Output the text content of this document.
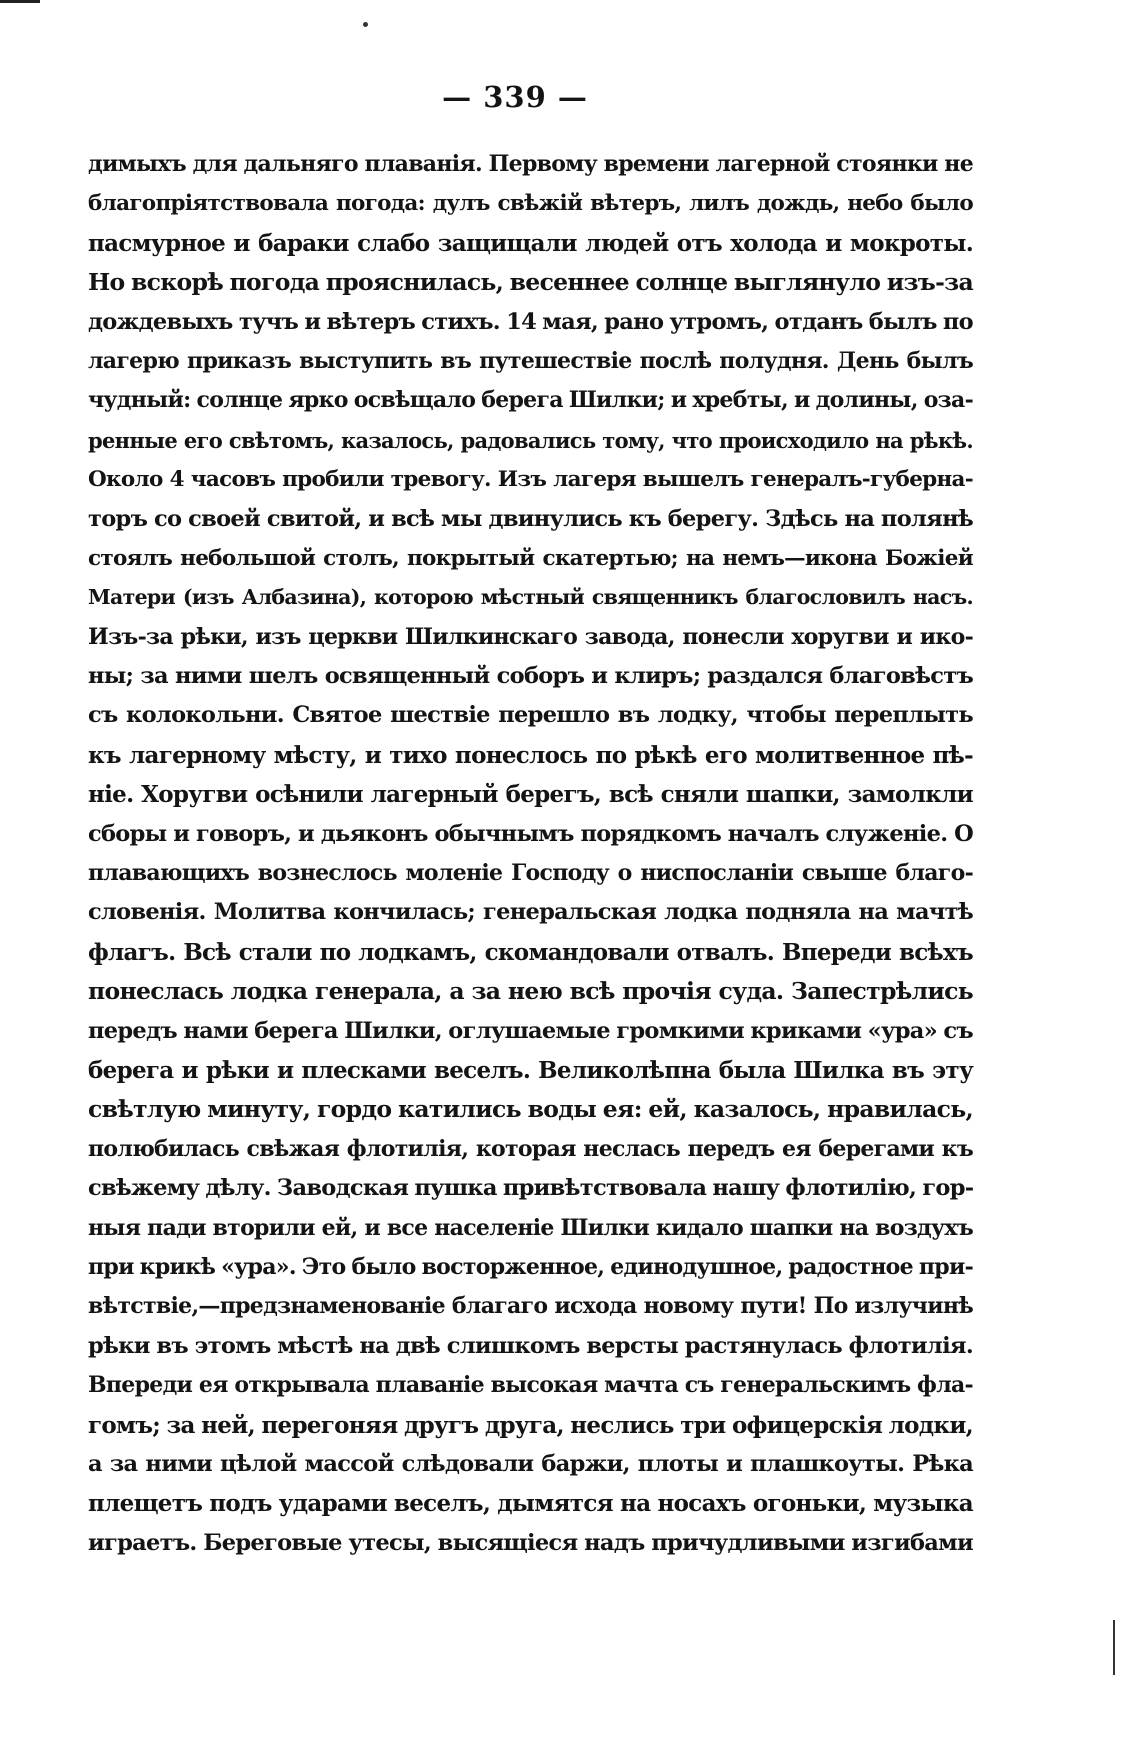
— 339 —
димыхъ для дальняго плаванія. Первому времени лагерной стоянки не
благопріятствовала погода: дулъ свѣжій вѣтеръ, лилъ дождь, небо было
пасмурное и бараки слабо защищали людей отъ холода и мокроты.
Но вскорѣ погода прояснилась, весеннее солнце выглянуло изъ-за
дождевыхъ тучъ и вѣтеръ стихъ. 14 мая, рано утромъ, отданъ былъ по
лагерю приказъ выступить въ путешествіе послѣ полудня. День былъ
чудный: солнце ярко освѣщало берега Шилки; и хребты, и долины, оза-
ренные его свѣтомъ, казалось, радовались тому, что происходило на рѣкѣ.
Около 4 часовъ пробили тревогу. Изъ лагеря вышелъ генералъ-губерна-
торъ со своей свитой, и всѣ мы двинулись къ берегу. Здѣсь на полянѣ
стоялъ небольшой столъ, покрытый скатертью; на немъ—икона Божіей
Матери (изъ Албазина), которою мѣстный священникъ благословилъ насъ.
Изъ-за рѣки, изъ церкви Шилкинскаго завода, понесли хоругви и ико-
ны; за ними шелъ освященный соборъ и клиръ; раздался благовѣстъ
съ колокольни. Святое шествіе перешло въ лодку, чтобы переплыть
къ лагерному мѣсту, и тихо понеслось по рѣкѣ его молитвенное пѣ-
ніе. Хоругви осѣнили лагерный берегъ, всѣ сняли шапки, замолкли
сборы и говоръ, и дьяконъ обычнымъ порядкомъ началъ служеніе. О
плавающихъ вознеслось моленіе Господу о ниспосланіи свыше благо-
словенія. Молитва кончилась; генеральская лодка подняла на мачтѣ
флагъ. Всѣ стали по лодкамъ, скомандовали отвалъ. Впереди всѣхъ
понеслась лодка генерала, а за нею всѣ прочія суда. Запестрѣлись
передъ нами берега Шилки, оглушаемые громкими криками «ура» съ
берега и рѣки и плесками веселъ. Великолѣпна была Шилка въ эту
свѣтлую минуту, гордо катились воды ея: ей, казалось, нравилась,
полюбилась свѣжая флотилія, которая неслась передъ ея берегами къ
свѣжему дѣлу. Заводская пушка привѣтствовала нашу флотилію, гор-
ныя пади вторили ей, и все населеніе Шилки кидало шапки на воздухъ
при крикѣ «ура». Это было восторженное, единодушное, радостное при-
вѣтствіе,—предзнаменованіе благаго исхода новому пути! По излучинѣ
рѣки въ этомъ мѣстѣ на двѣ слишкомъ версты растянулась флотилія.
Впереди ея открывала плаваніе высокая мачта съ генеральскимъ фла-
гомъ; за ней, перегоняя другъ друга, неслись три офицерскія лодки,
а за ними цѣлой массой слѣдовали баржи, плоты и плашкоуты. Рѣка
плещетъ подъ ударами веселъ, дымятся на носахъ огоньки, музыка
играетъ. Береговые утесы, высящіеся надъ причудливыми изгибами
